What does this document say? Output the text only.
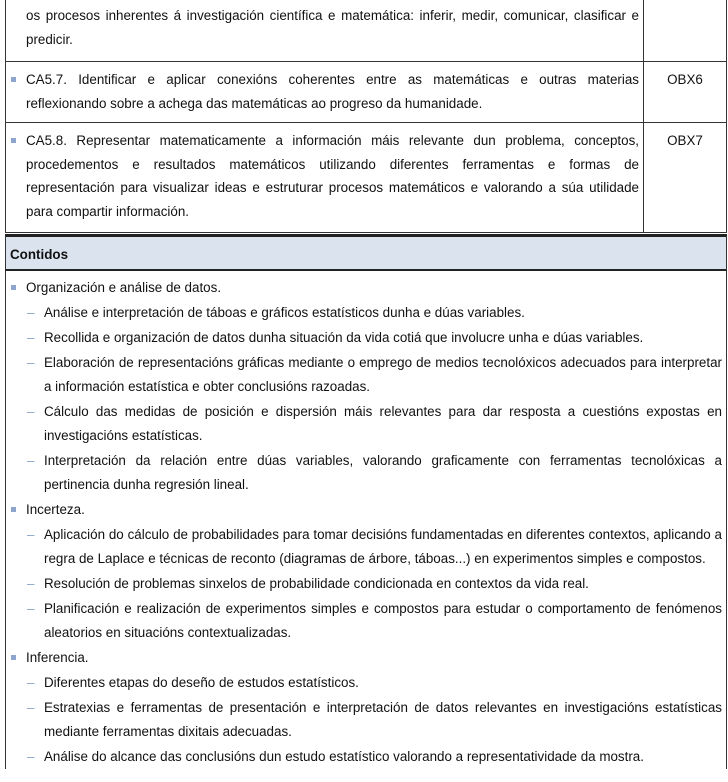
os procesos inherentes á investigación científica e matemática: inferir, medir, comunicar, clasificar e predicir.
CA5.7. Identificar e aplicar conexións coherentes entre as matemáticas e outras materias reflexionando sobre a achega das matemáticas ao progreso da humanidade.
OBX6
CA5.8. Representar matematicamente a información máis relevante dun problema, conceptos, procedementos e resultados matemáticos utilizando diferentes ferramentas e formas de representación para visualizar ideas e estruturar procesos matemáticos e valorando a súa utilidade para compartir información.
OBX7
Contidos
Organización e análise de datos.
– Análise e interpretación de táboas e gráficos estatísticos dunha e dúas variables.
– Recollida e organización de datos dunha situación da vida cotiá que involucre unha e dúas variables.
– Elaboración de representacións gráficas mediante o emprego de medios tecnolóxicos adecuados para interpretar a información estatística e obter conclusións razoadas.
– Cálculo das medidas de posición e dispersión máis relevantes para dar resposta a cuestións expostas en investigacións estatísticas.
– Interpretación da relación entre dúas variables, valorando graficamente con ferramentas tecnolóxicas a pertinencia dunha regresión lineal.
Incerteza.
– Aplicación do cálculo de probabilidades para tomar decisións fundamentadas en diferentes contextos, aplicando a regra de Laplace e técnicas de reconto (diagramas de árbore, táboas...) en experimentos simples e compostos.
– Resolución de problemas sinxelos de probabilidade condicionada en contextos da vida real.
– Planificación e realización de experimentos simples e compostos para estudar o comportamento de fenómenos aleatorios en situacións contextualizadas.
Inferencia.
– Diferentes etapas do deseño de estudos estatísticos.
– Estratexias e ferramentas de presentación e interpretación de datos relevantes en investigacións estatísticas mediante ferramentas dixitais adecuadas.
– Análise do alcance das conclusións dun estudo estatístico valorando a representatividade da mostra.
